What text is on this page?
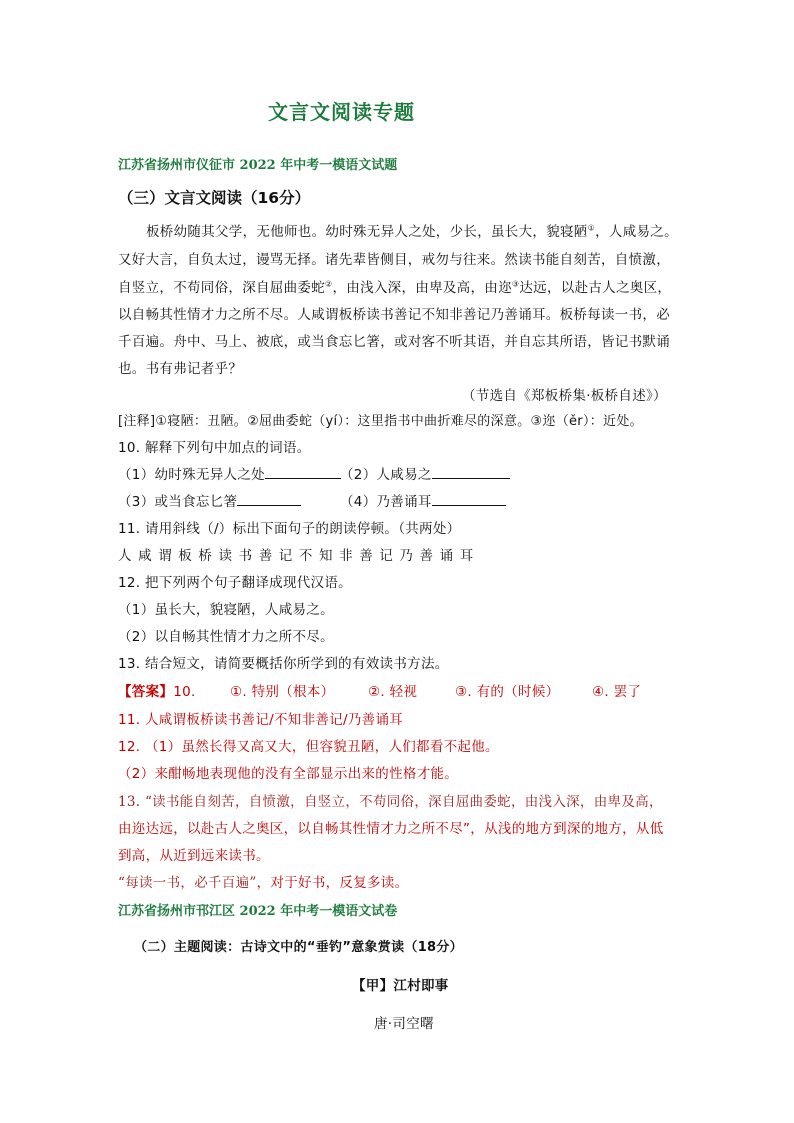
文言文阅读专题
江苏省扬州市仪征市 2022 年中考一模语文试题
（三）文言文阅读（16分）
板桥幼随其父学，无他师也。幼时殊无异人之处，少长，虽长大，貌寝陋①，人咸易之。
又好大言，自负太过，谩骂无择。诸先辈皆侧目，戒勿与往来。然读书能自刻苦，自愤激，
自竖立，不苟同俗，深自屈曲委蛇②，由浅入深，由卑及高，由迩③达远，以赴古人之奥区，
以自畅其性情才力之所不尽。人咸谓板桥读书善记不知非善记乃善诵耳。板桥每读一书，必
千百遍。舟中、马上、被底，或当食忘匕箸，或对客不听其语，并自忘其所语，皆记书默诵
也。书有弗记者乎？
（节选自《郑板桥集·板桥自述》）
[注释]①寝陋：丑陋。②屈曲委蛇（yí）：这里指书中曲折难尽的深意。③迩（ěr）：近处。
10. 解释下列句中加点的词语。
（1）幼时殊无异人之处	（2）人咸易之
（3）或当食忘匕箸	（4）乃善诵耳
11. 请用斜线（/）标出下面句子的朗读停顿。（共两处）
人咸谓板桥读书善记不知非善记乃善诵耳
12. 把下列两个句子翻译成现代汉语。
（1）虽长大，貌寝陋，人咸易之。
（2）以自畅其性情才力之所不尽。
13. 结合短文，请简要概括你所学到的有效读书方法。
【答案】10.	①. 特别（根本） ②. 轻视	③. 有的（时候） ④. 罢了
11. 人咸谓板桥读书善记/不知非善记/乃善诵耳
12. （1）虽然长得又高又大，但容貌丑陋，人们都看不起他。
（2）来酣畅地表现他的没有全部显示出来的性格才能。
13. “读书能自刻苦，自愤激，自竖立，不苟同俗，深自屈曲委蛇，由浅入深，由卑及高，
由迩达远，以赴古人之奥区，以自畅其性情才力之所不尽”，从浅的地方到深的地方，从低
到高，从近到远来读书。
“每读一书，必千百遍”，对于好书，反复多读。
江苏省扬州市邗江区 2022 年中考一模语文试卷
（二）主题阅读：古诗文中的“垂钓”意象赏读（18分）
【甲】江村即事
唐·司空曙
